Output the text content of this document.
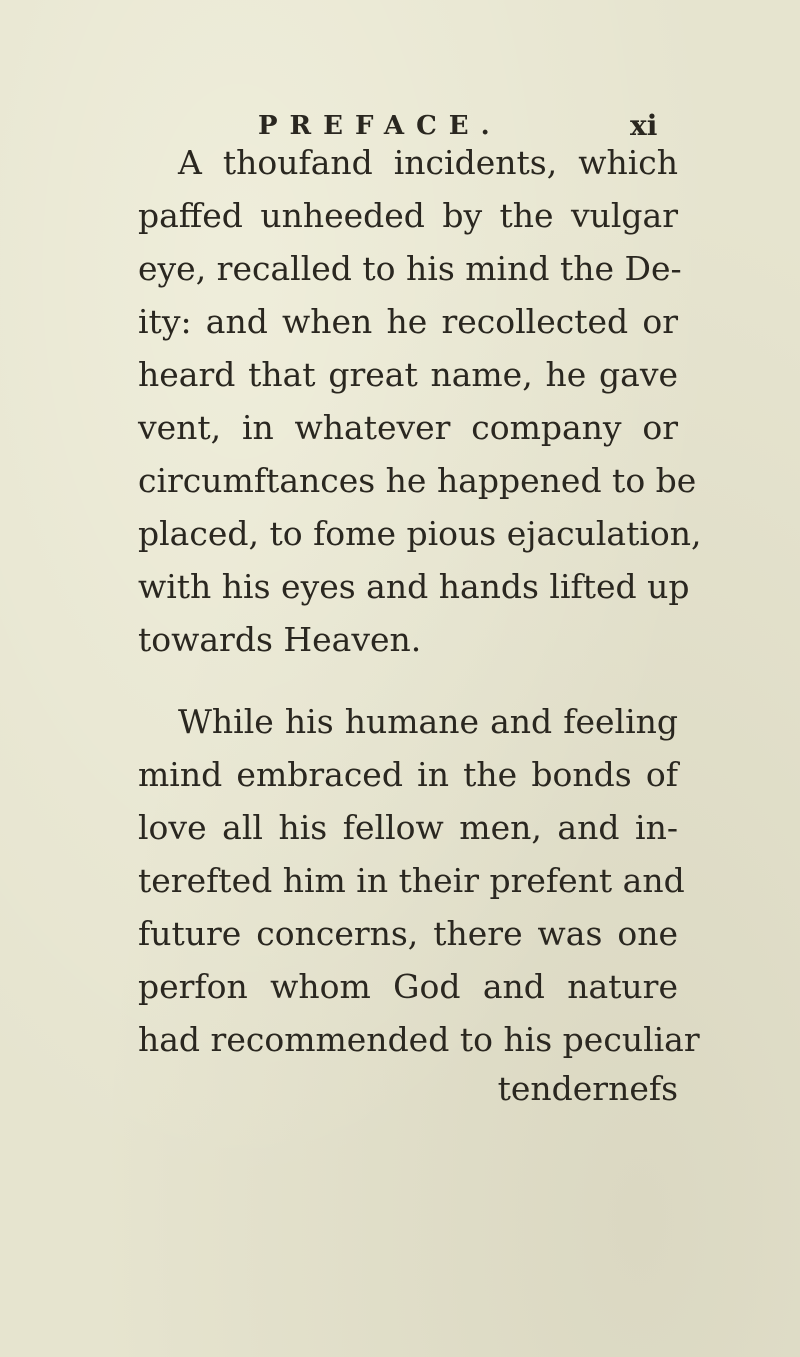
PREFACE.	xi
A thoufand incidents, which
paffed unheeded by the vulgar
eye, recalled to his mind the De-
ity: and when he recollected or
heard that great name, he gave
vent, in whatever company or
circumftances he happened to be
placed, to fome pious ejaculation,
with his eyes and hands lifted up
towards Heaven.
While his humane and feeling
mind embraced in the bonds of
love all his fellow men, and in-
terefted him in their prefent and
future concerns, there was one
perfon whom God and nature
had recommended to his peculiar
tendernefs
